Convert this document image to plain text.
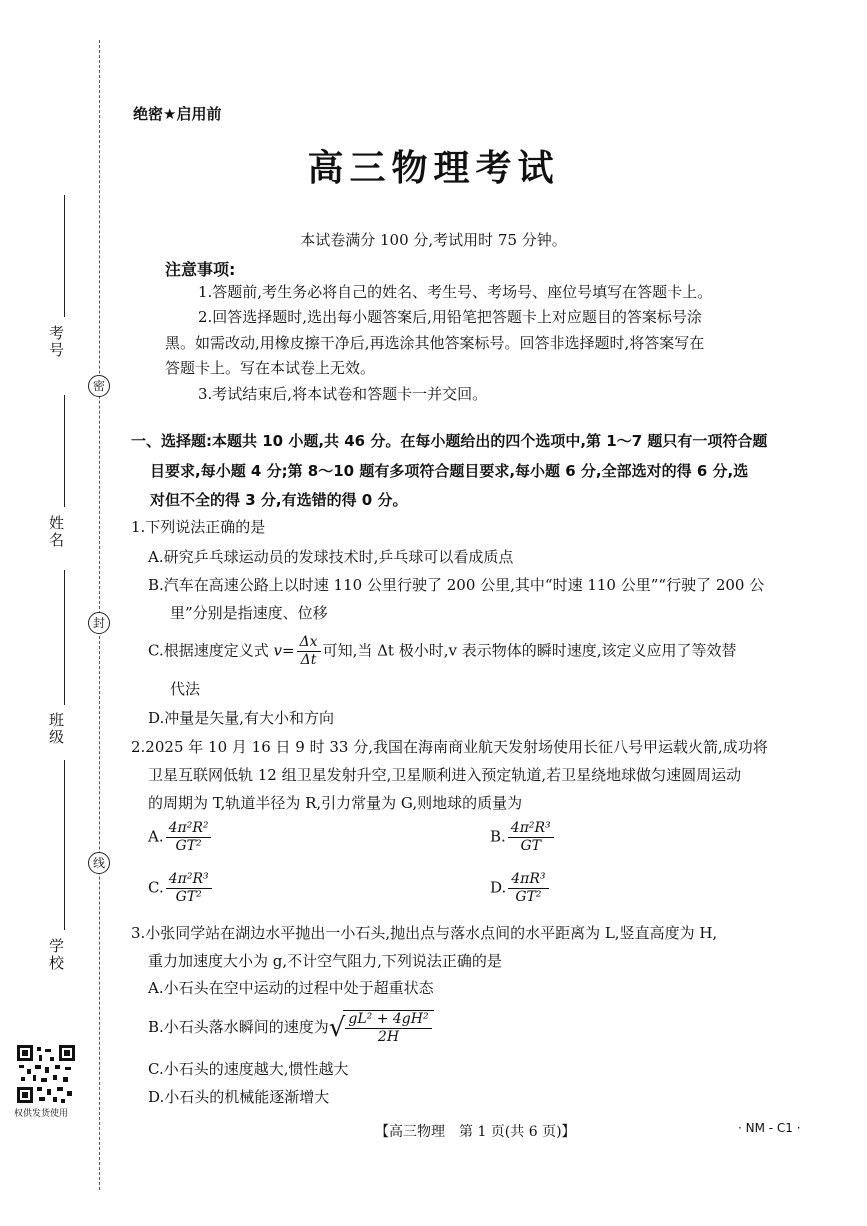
密
封
线
考号
姓名
班级
学校
权供发货使用
绝密★启用前
高三物理考试
本试卷满分 100 分,考试用时 75 分钟。
注意事项:
1.答题前,考生务必将自己的姓名、考生号、考场号、座位号填写在答题卡上。
2.回答选择题时,选出每小题答案后,用铅笔把答题卡上对应题目的答案标号涂
黑。如需改动,用橡皮擦干净后,再选涂其他答案标号。回答非选择题时,将答案写在
答题卡上。写在本试卷上无效。
3.考试结束后,将本试卷和答题卡一并交回。
一、选择题:本题共 10 小题,共 46 分。在每小题给出的四个选项中,第 1～7 题只有一项符合题
目要求,每小题 4 分;第 8～10 题有多项符合题目要求,每小题 6 分,全部选对的得 6 分,选
对但不全的得 3 分,有选错的得 0 分。
1.下列说法正确的是
A.研究乒乓球运动员的发球技术时,乒乓球可以看成质点
B.汽车在高速公路上以时速 110 公里行驶了 200 公里,其中“时速 110 公里”“行驶了 200 公
里”分别是指速度、位移
C.根据速度定义式 $v= \frac{\Delta x}{\Delta t}$ 可知,当 Δt 极小时,v 表示物体的瞬时速度,该定义应用了等效替
代法
D.冲量是矢量,有大小和方向
2.2025 年 10 月 16 日 9 时 33 分,我国在海南商业航天发射场使用长征八号甲运载火箭,成功将
卫星互联网低轨 12 组卫星发射升空,卫星顺利进入预定轨道,若卫星绕地球做匀速圆周运动
的周期为 T,轨道半径为 R,引力常量为 G,则地球的质量为
A. $\frac{\text{4π²R²}}{\text{GT²}}$	B. $\frac{\text{4π²R³}}{GT}$
C. $\frac{\text{4π²R³}}{\text{GT²}}$	D. $\frac{\text{4πR³}}{\text{GT²}}$
3.小张同学站在湖边水平抛出一小石头,抛出点与落水点间的水平距离为 L,竖直高度为 H,
重力加速度大小为 g,不计空气阻力,下列说法正确的是
A.小石头在空中运动的过程中处于超重状态
B.小石头落水瞬间的速度为√ $\frac{\text{gL² + 4gH²}}{2H}$
C.小石头的速度越大,惯性越大
D.小石头的机械能逐渐增大
【高三物理　第 1 页(共 6 页)】	· NM - C1 ·
